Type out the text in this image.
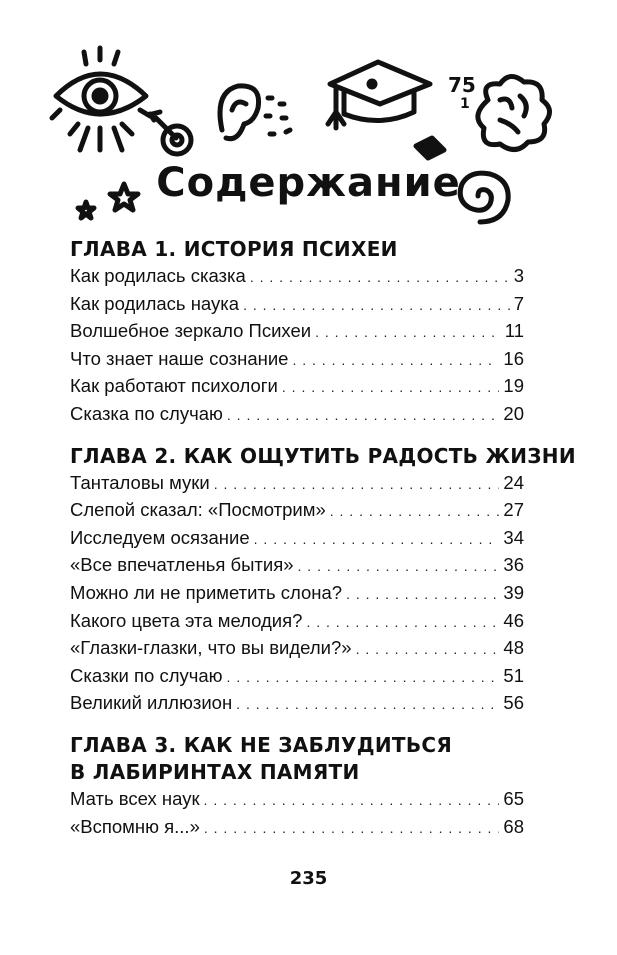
75
1
Содержание
ГЛАВА 1. ИСТОРИЯ ПСИХЕИ
Как родилась сказка . . .	3
Как родилась наука . . .	7
Волшебное зеркало Психеи . . .	11
Что знает наше сознание . . .	16
Как работают психологи . . .	19
Сказка по случаю . . .	20
ГЛАВА 2. КАК ОЩУТИТЬ РАДОСТЬ ЖИЗНИ
Танталовы муки . . .	24
Слепой сказал: «Посмотрим» . . .	27
Исследуем осязание . . .	34
«Все впечатленья бытия» . . .	36
Можно ли не приметить слона? . . .	39
Какого цвета эта мелодия? . . .	46
«Глазки-глазки, что вы видели?» . . .	48
Сказки по случаю . . .	51
Великий иллюзион . . .	56
ГЛАВА 3. КАК НЕ ЗАБЛУДИТЬСЯ
В ЛАБИРИНТАХ ПАМЯТИ
Мать всех наук . . .	65
«Вспомню я...» . . .	68
235
